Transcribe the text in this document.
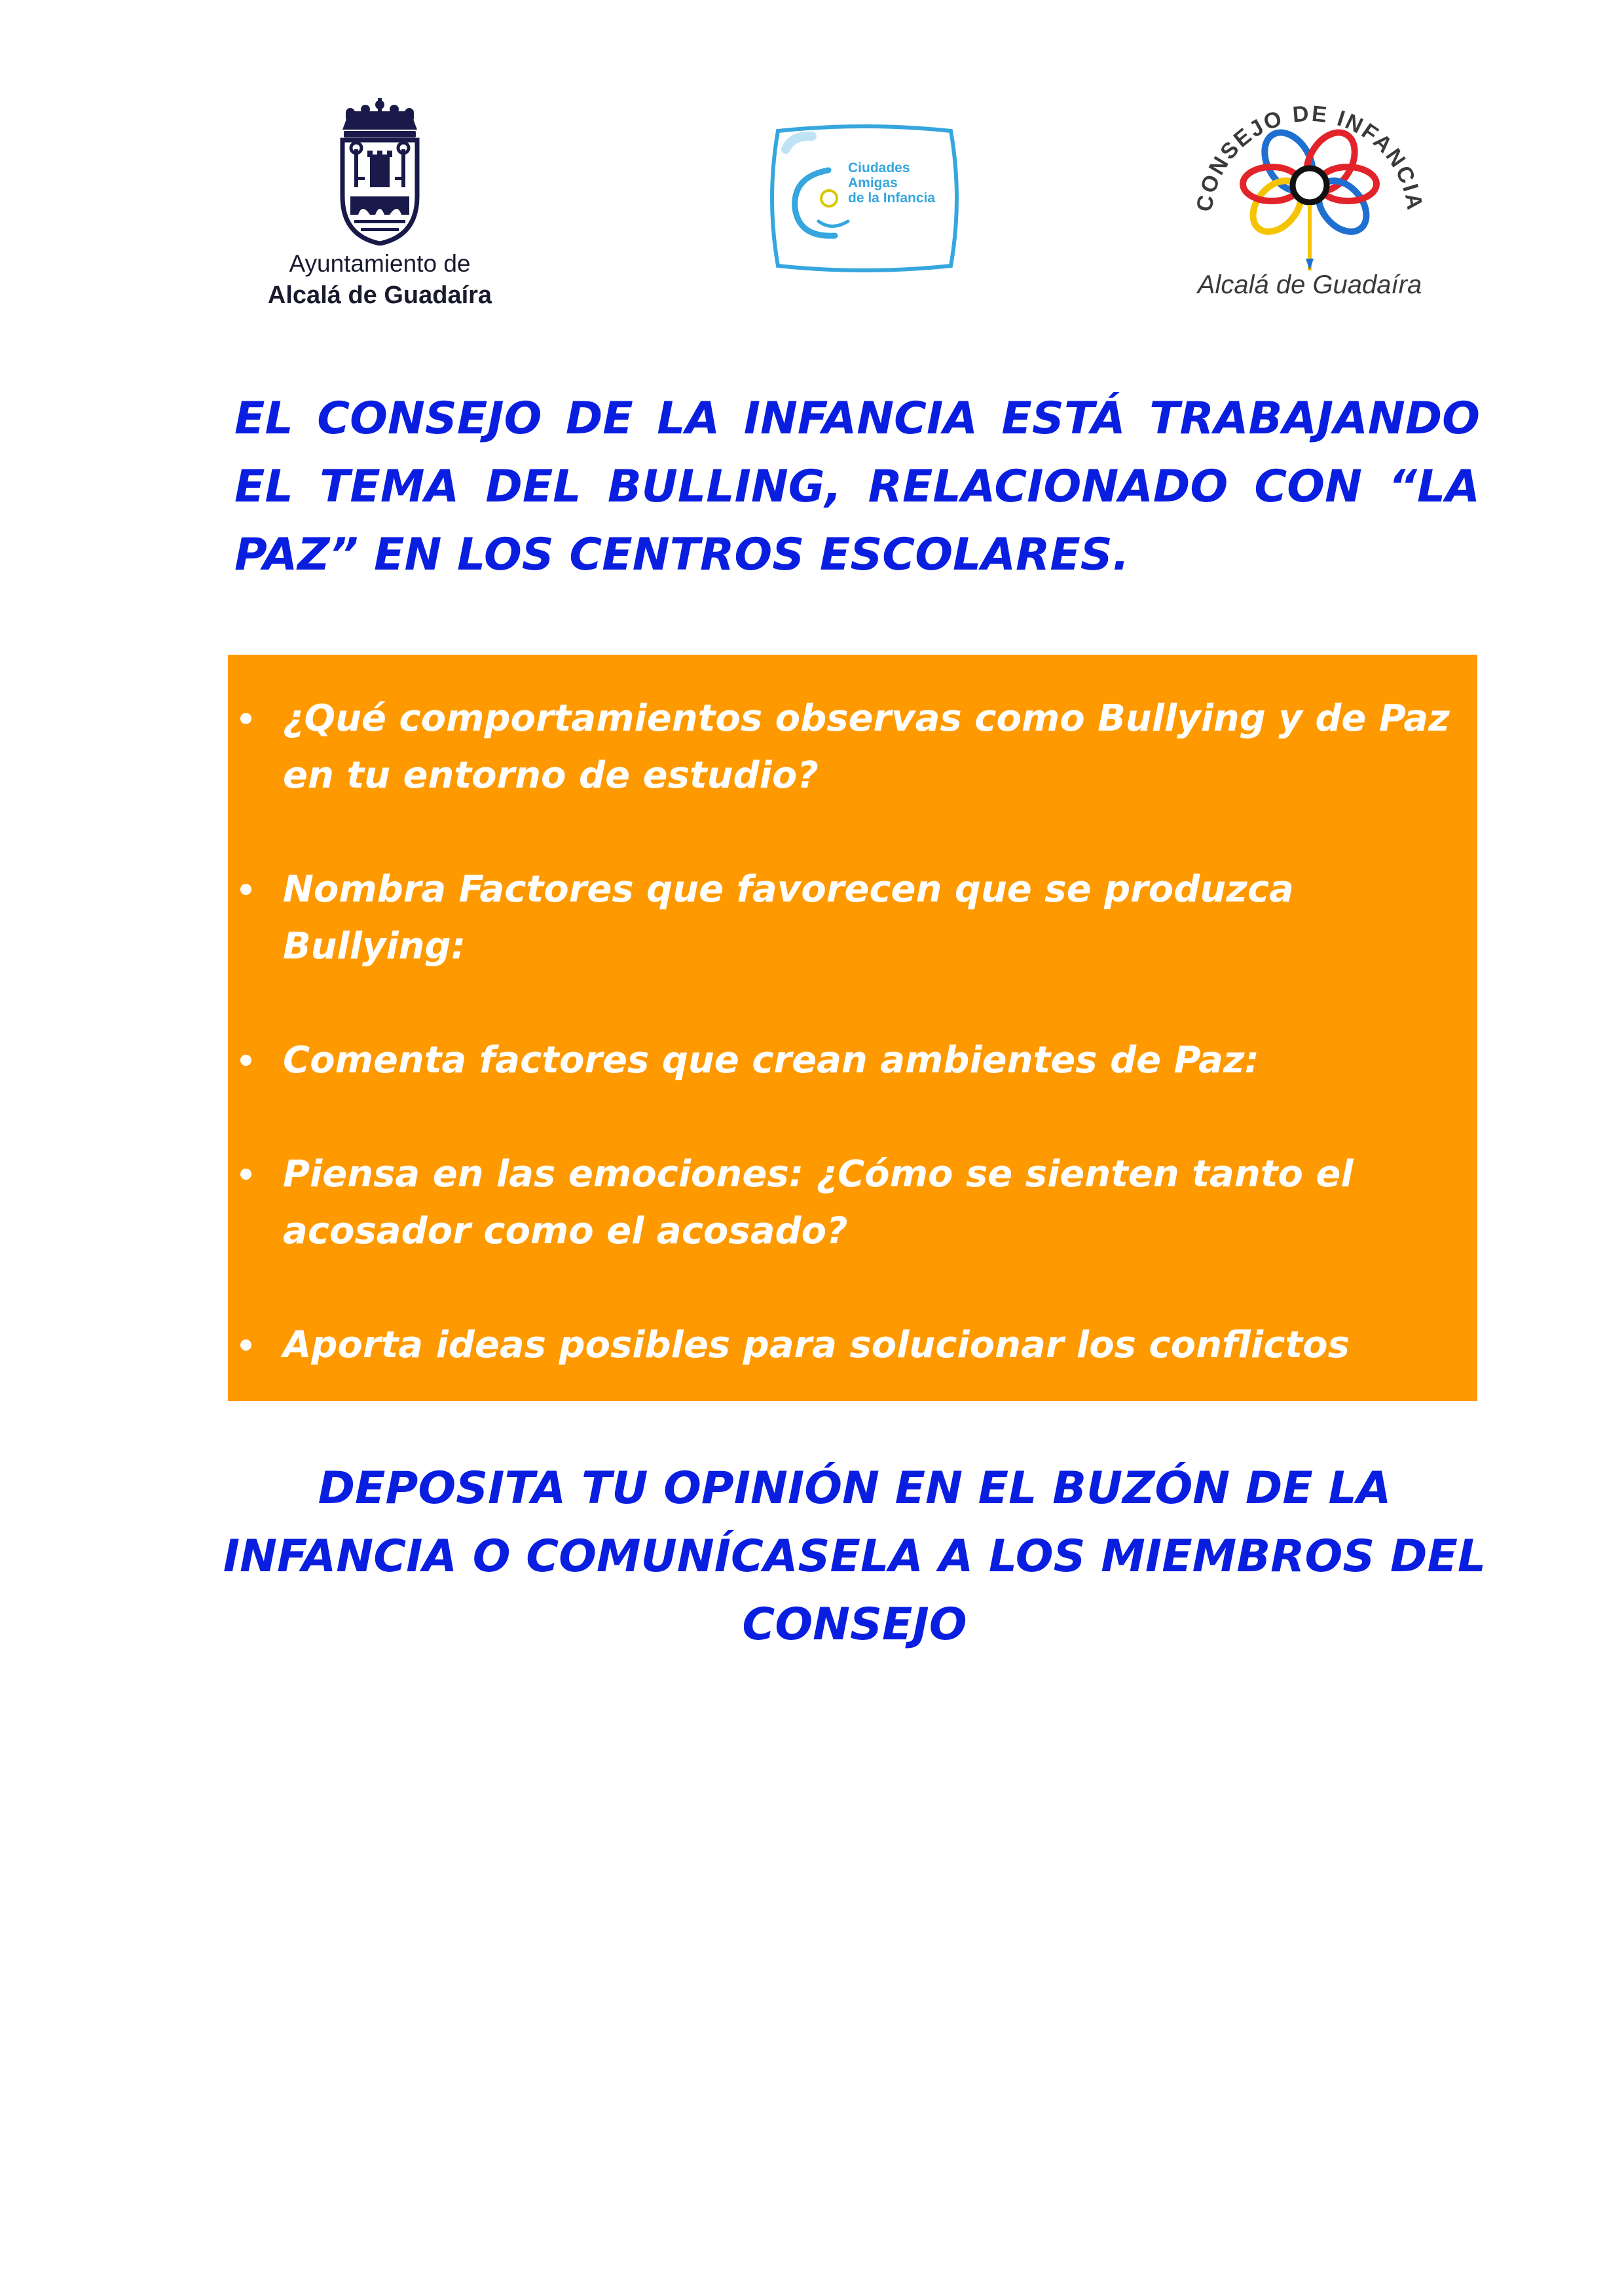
Ayuntamiento de
Alcalá de Guadaíra
Ciudades
Amigas
de la Infancia	CONSEJO DE INFANCIA
Alcalá de Guadaíra

EL CONSEJO DE LA INFANCIA ESTÁ TRABAJANDO EL TEMA DEL BULLING, RELACIONADO CON “LA PAZ” EN LOS CENTROS ESCOLARES.

¿Qué comportamientos observas como Bullying y de Paz en tu entorno de estudio?
Nombra Factores que favorecen que se produzca Bullying:
Comenta factores que crean ambientes de Paz:
Piensa en las emociones: ¿Cómo se sienten tanto el acosador como el acosado?
Aporta ideas posibles para solucionar los conflictos

DEPOSITA TU OPINIÓN EN EL BUZÓN DE LA INFANCIA O COMUNÍCASELA A LOS MIEMBROS DEL CONSEJO
